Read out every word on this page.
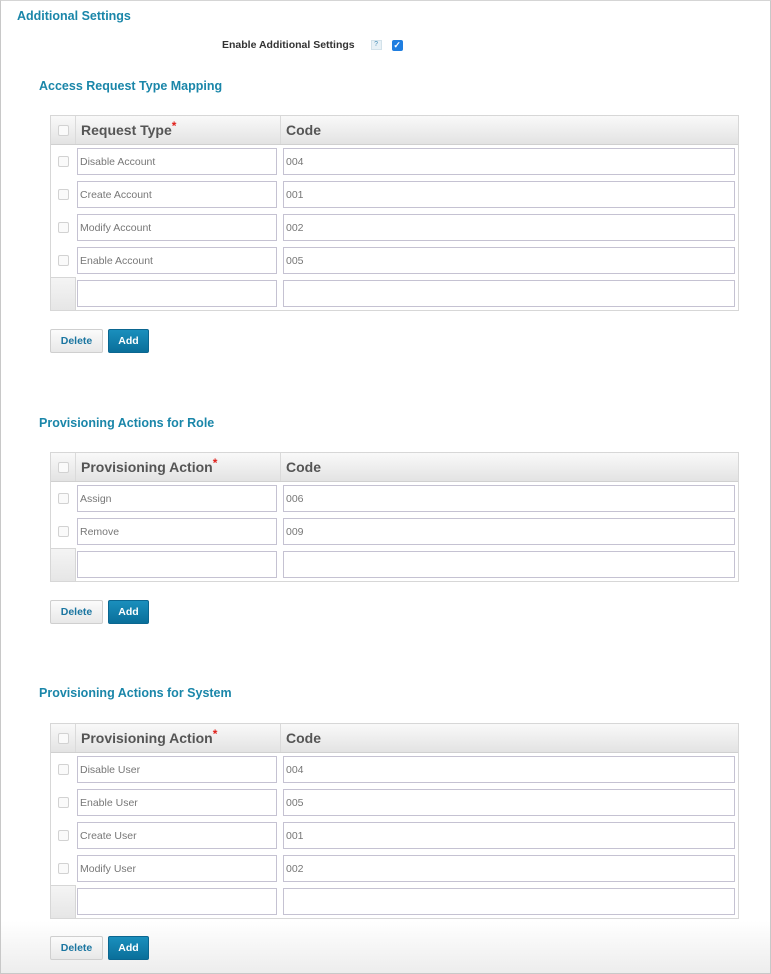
Additional Settings
Enable Additional Settings	?	✓
Access Request Type Mapping
Request Type *	Code
Disable Account	004
Create Account	001
Modify Account	002
Enable Account	005
Delete	Add
Provisioning Actions for Role
Provisioning Action *	Code
Assign	006
Remove	009
Delete	Add
Provisioning Actions for System
Provisioning Action *	Code
Disable User	004
Enable User	005
Create User	001
Modify User	002
Delete	Add
